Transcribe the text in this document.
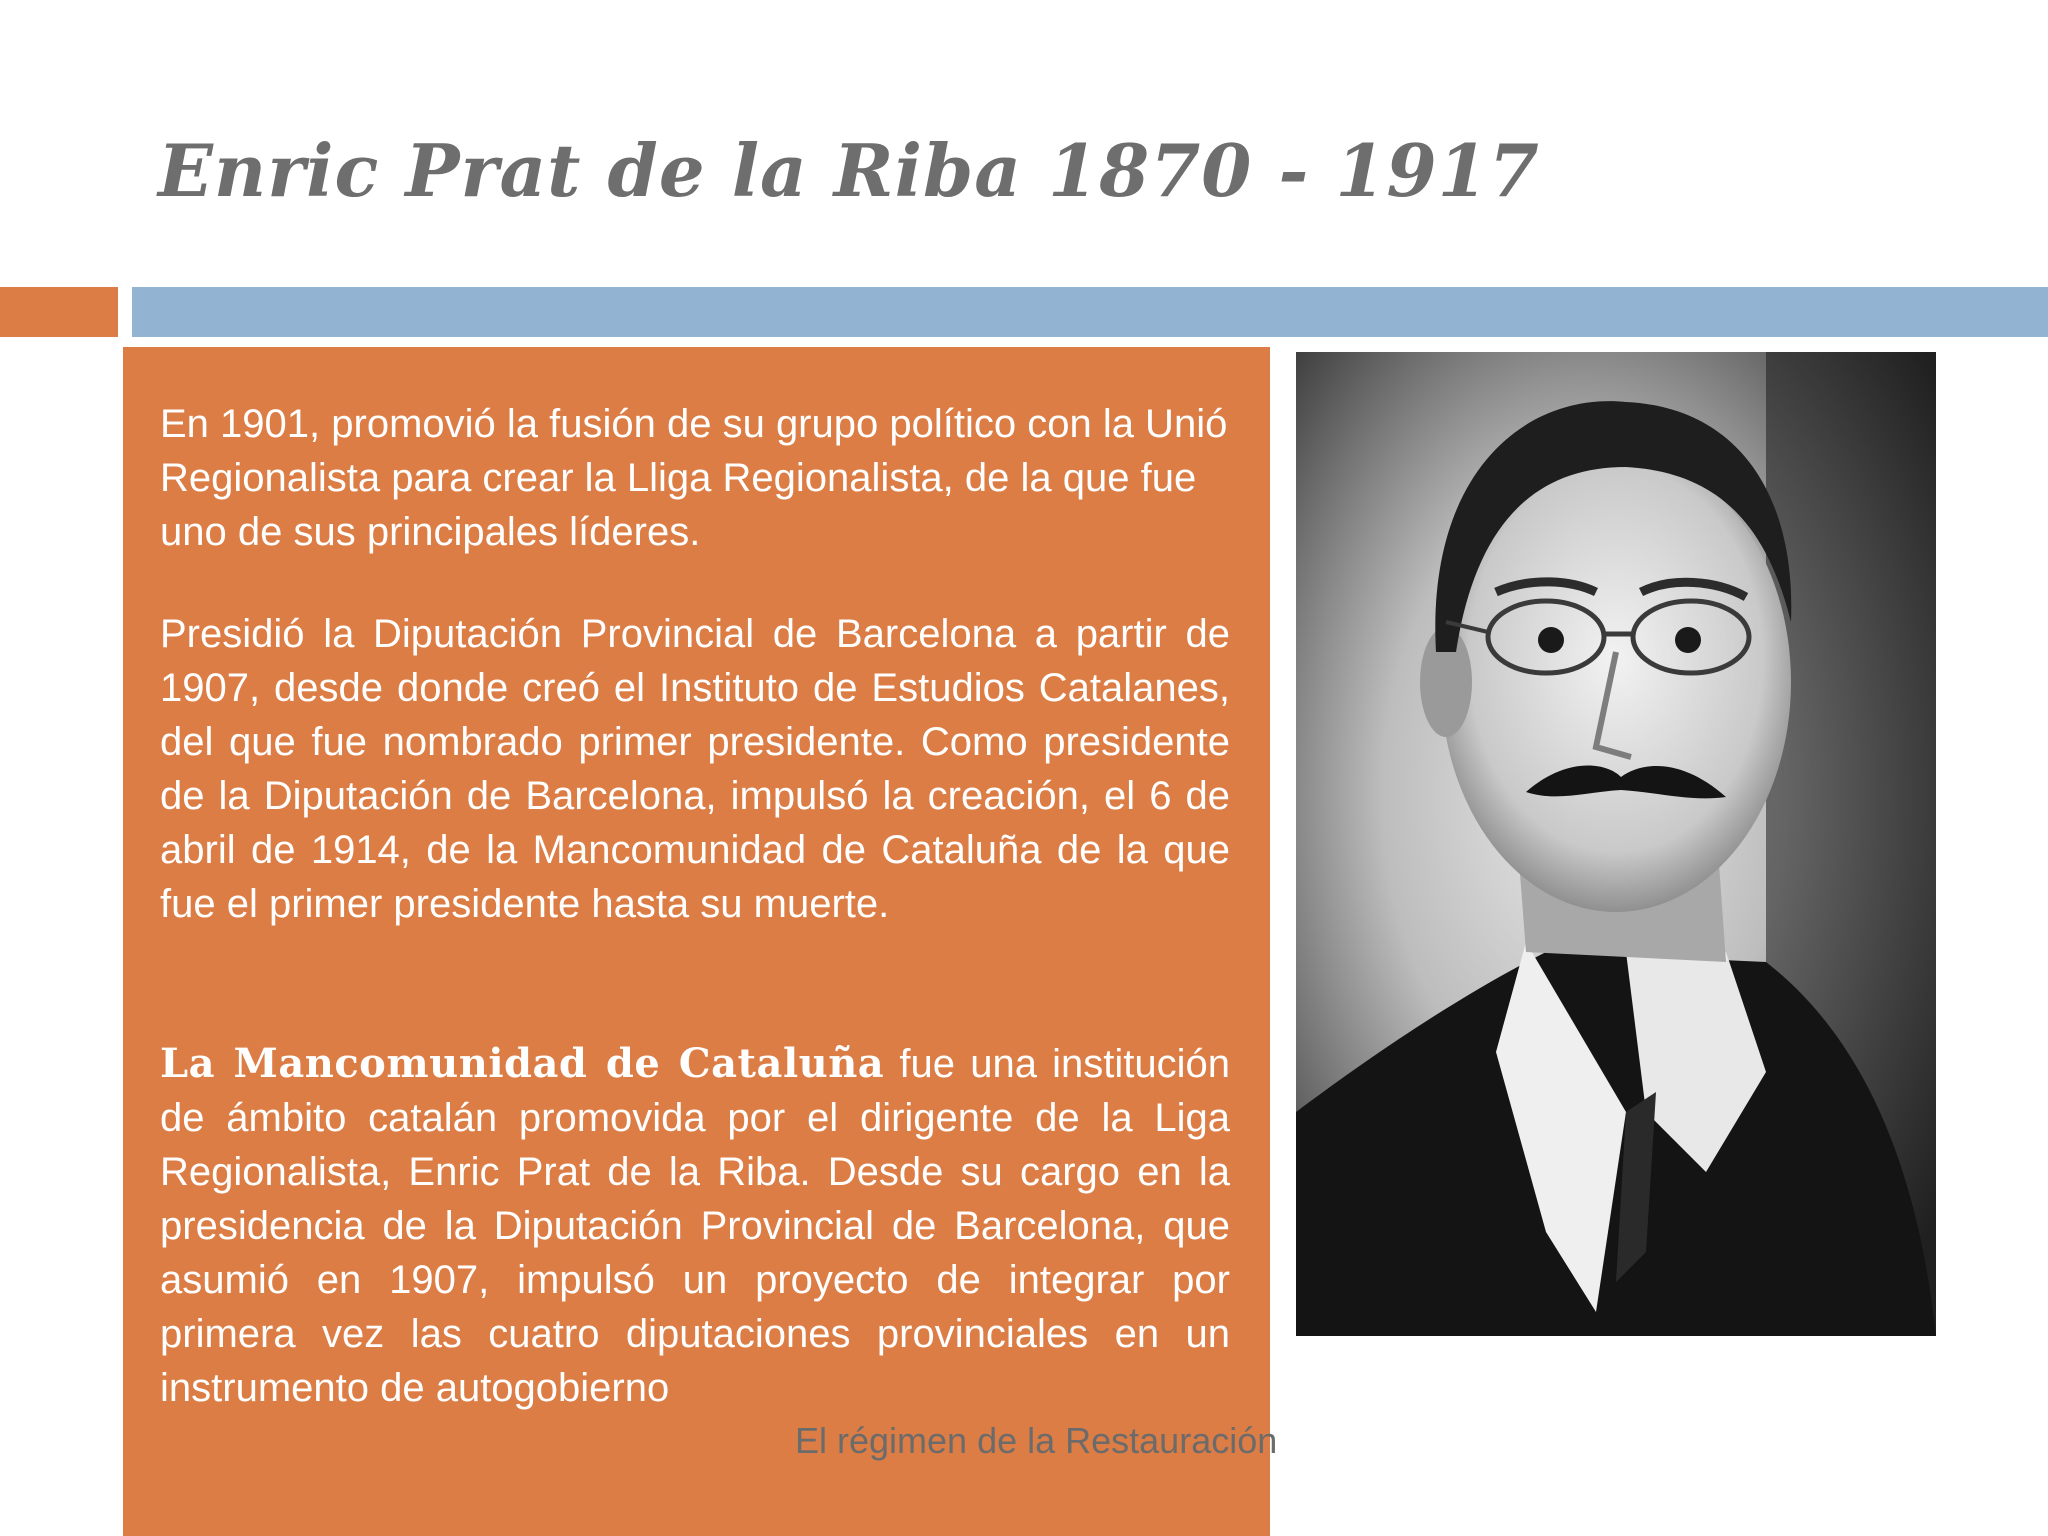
Enric Prat de la Riba 1870 - 1917

En 1901, promovió la fusión de su grupo político con la Unió Regionalista para crear la Lliga Regionalista, de la que fue uno de sus principales líderes.

Presidió la Diputación Provincial de Barcelona a partir de 1907, desde donde creó el Instituto de Estudios Catalanes, del que fue nombrado primer presidente. Como presidente de la Diputación de Barcelona, impulsó la creación, el 6 de abril de 1914, de la Mancomunidad de Cataluña de la que fue el primer presidente hasta su muerte.

La Mancomunidad de Cataluña fue una institución de ámbito catalán promovida por el dirigente de la Liga Regionalista, Enric Prat de la Riba. Desde su cargo en la presidencia de la Diputación Provincial de Barcelona, que asumió en 1907, impulsó un proyecto de integrar por primera vez las cuatro diputaciones provinciales en un instrumento de autogobierno

El régimen de la Restauración
